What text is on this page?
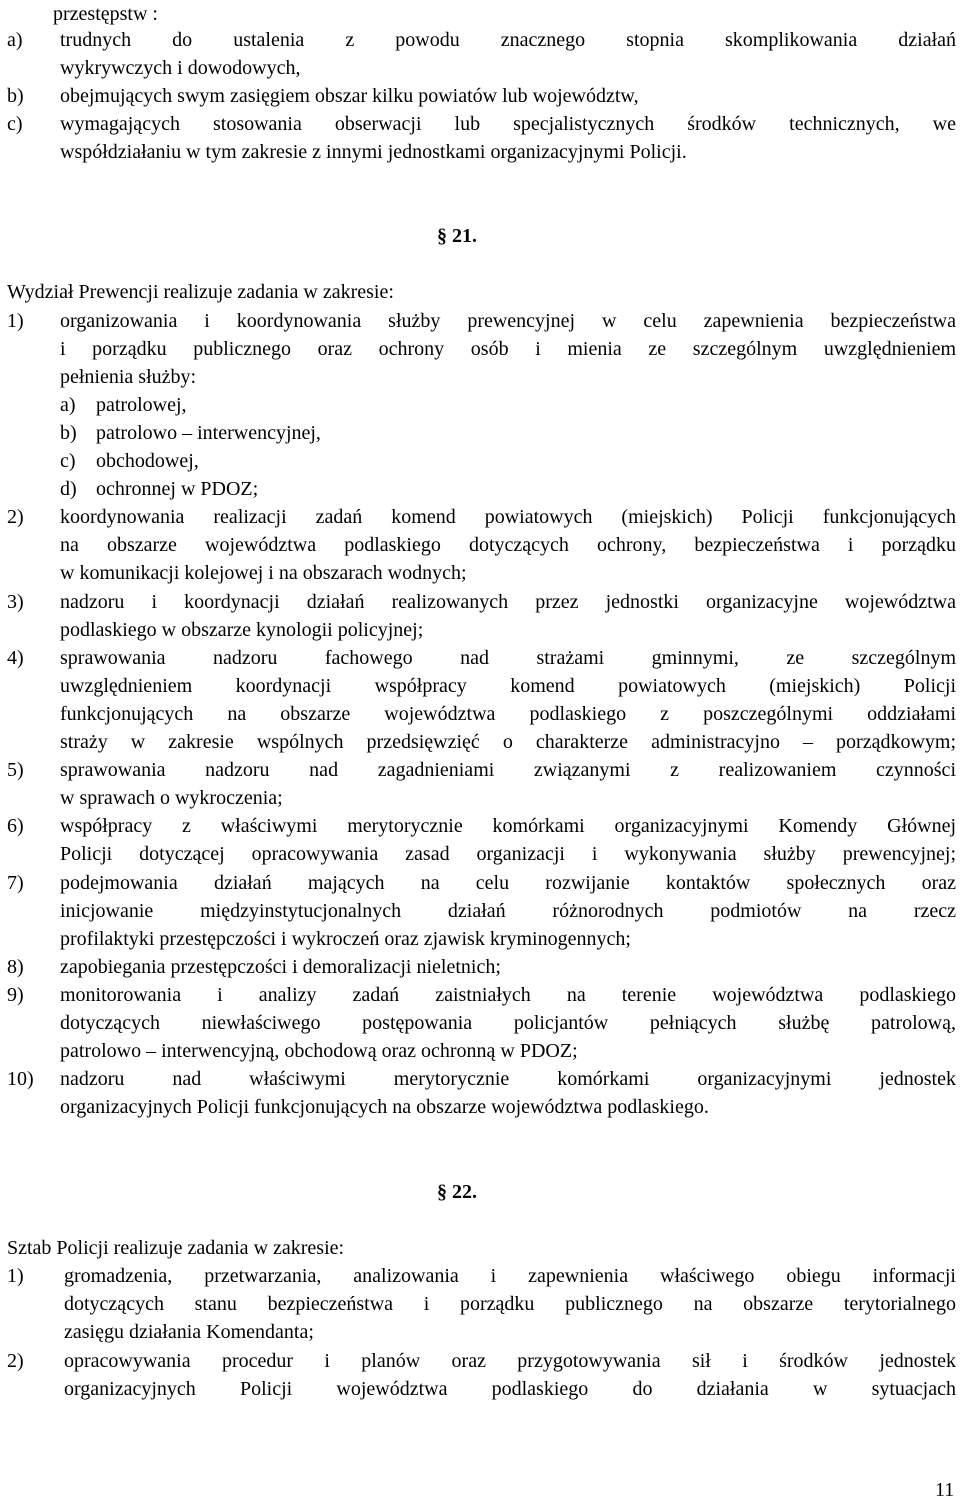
przestępstw :
a) trudnych do ustalenia z powodu znacznego stopnia skomplikowania działań
wykrywczych i dowodowych,
b) obejmujących swym zasięgiem obszar kilku powiatów lub województw,
c) wymagających stosowania obserwacji lub specjalistycznych środków technicznych, we
współdziałaniu w tym zakresie z innymi jednostkami organizacyjnymi Policji.
§ 21.
Wydział Prewencji realizuje zadania w zakresie:
1) organizowania i koordynowania służby prewencyjnej w celu zapewnienia bezpieczeństwa
i porządku publicznego oraz ochrony osób i mienia ze szczególnym uwzględnieniem
pełnienia służby:
a) patrolowej,
b) patrolowo – interwencyjnej,
c) obchodowej,
d) ochronnej w PDOZ;
2) koordynowania realizacji zadań komend powiatowych (miejskich) Policji funkcjonujących
na obszarze województwa podlaskiego dotyczących ochrony, bezpieczeństwa i porządku
w komunikacji kolejowej i na obszarach wodnych;
3) nadzoru i koordynacji działań realizowanych przez jednostki organizacyjne województwa
podlaskiego w obszarze kynologii policyjnej;
4) sprawowania nadzoru fachowego nad strażami gminnymi, ze szczególnym
uwzględnieniem koordynacji współpracy komend powiatowych (miejskich) Policji
funkcjonujących na obszarze województwa podlaskiego z poszczególnymi oddziałami
straży w zakresie wspólnych przedsięwzięć o charakterze administracyjno – porządkowym;
5) sprawowania nadzoru nad zagadnieniami związanymi z realizowaniem czynności
w sprawach o wykroczenia;
6) współpracy z właściwymi merytorycznie komórkami organizacyjnymi Komendy Głównej
Policji dotyczącej opracowywania zasad organizacji i wykonywania służby prewencyjnej;
7) podejmowania działań mających na celu rozwijanie kontaktów społecznych oraz
inicjowanie międzyinstytucjonalnych działań różnorodnych podmiotów na rzecz
profilaktyki przestępczości i wykroczeń oraz zjawisk kryminogennych;
8) zapobiegania przestępczości i demoralizacji nieletnich;
9) monitorowania i analizy zadań zaistniałych na terenie województwa podlaskiego
dotyczących niewłaściwego postępowania policjantów pełniących służbę patrolową,
patrolowo – interwencyjną, obchodową oraz ochronną w PDOZ;
10) nadzoru nad właściwymi merytorycznie komórkami organizacyjnymi jednostek
organizacyjnych Policji funkcjonujących na obszarze województwa podlaskiego.
§ 22.
Sztab Policji realizuje zadania w zakresie:
1) gromadzenia, przetwarzania, analizowania i zapewnienia właściwego obiegu informacji
dotyczących stanu bezpieczeństwa i porządku publicznego na obszarze terytorialnego
zasięgu działania Komendanta;
2) opracowywania procedur i planów oraz przygotowywania sił i środków jednostek
organizacyjnych Policji województwa podlaskiego do działania w sytuacjach
11
